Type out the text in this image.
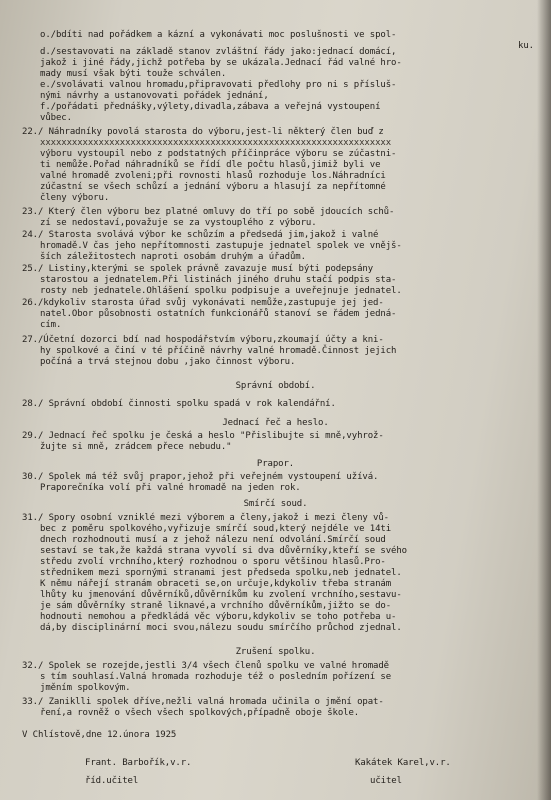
o./bdíti nad pořádkem a kázní a vykonávati moc poslušnosti ve spol-
ku.
d./sestavovati na základě stanov zvláštní řády jako:jednací domácí,
jakož i jiné řády,jichž potřeba by se ukázala.Jednací řád valné hro-
mady musí však býti touže schválen.
e./svolávati valnou hromadu,připravovati předlohy pro ni s přísluš-
nými návrhy a ustanovovati pořádek jednání,
f./pořádati přednášky,výlety,divadla,zábava a veřejná vystoupení
vůbec.
22./ Náhradníky povolá starosta do výboru,jest-li některý člen buď z
xxxxxxxxxxxxxxxxxxxxxxxxxxxxxxxxxxxxxxxxxxxxxxxxxxxxxxxxxxxxxxxxxx
výboru vystoupil nebo z podstatných příčinpráce výboru se zúčastni-
ti nemůže.Pořad náhradníků se řídí dle počtu hlasů,jimiž byli ve
valné hromadě zvoleni;při rovnosti hlasů rozhoduje los.Náhradníci
zúčastní se všech schůzí a jednání výboru a hlasují za nepřítomné
členy výboru.
23./ Který člen výboru bez platné omluvy do tří po sobě jdoucích schů-
zí se nedostaví,považuje se za vystouplého z výboru.
24./ Starosta svolává výbor ke schůzím a předsedá jim,jakož i valné
hromadě.V čas jeho nepřítomnosti zastupuje jednatel spolek ve vnějš-
ších záležitostech naproti osobám druhým a úřadům.
25./ Listiny,kterými se spolek právně zavazuje musí býti podepsány
starostou a jednatelem.Při listinách jiného druhu stačí podpis sta-
rosty neb jednatele.Ohlášení spolku podpisuje a uveřejnuje jednatel.
26./kdykoliv starosta úřad svůj vykonávati nemůže,zastupuje jej jed-
natel.Obor působnosti ostatních funkcionářů stanoví se řádem jedná-
cím.
27./Účetní dozorci bdí nad hospodářstvím výboru,zkoumají účty a kni-
hy spolkové a činí v té příčině návrhy valné hromadě.Činnost jejich
počíná a trvá stejnou dobu ,jako činnost výboru.
Správní období.
28./ Správní období činnosti spolku spadá v rok kalendářní.
Jednací řeč a heslo.
29./ Jednací řeč spolku je česká a heslo "Přislibujte si mně,vyhrož-
žujte si mně, zrádcem přece nebudu."
Prapor.
30./ Spolek má též svůj prapor,jehož při veřejném vystoupení užívá.
Praporečníka volí při valné hromadě na jeden rok.
Smírčí soud.
31./ Spory osobní vzniklé mezi výborem a členy,jakož i mezi členy vů-
bec z poměru spolkového,vyřizuje smírčí soud,který nejdéle ve 14ti
dnech rozhodnouti musí a z jehož nálezu není odvolání.Smírčí soud
sestaví se tak,že každá strana vyvolí si dva důvěrníky,kteří se svého
středu zvolí vrchního,který rozhodnou o sporu většinou hlasů.Pro-
střednikem mezi spornými stranami jest předseda spolku,neb jednatel.
K němu nářejí stranám obraceti se,on určuje,kdykoliv třeba stranám
lhůty ku jmenování důvěrníků,důvěrníkům ku zvolení vrchního,sestavu-
je sám důvěrníky straně liknavé,a vrchního důvěrníkům,jižto se do-
hodnouti nemohou a předkládá věc výboru,kdykoliv se toho potřeba u-
dá,by disciplinární moci svou,nálezu soudu smírčího průchod zjednal.
Zrušení spolku.
32./ Spolek se rozejde,jestli 3/4 všech členů spolku ve valné hromadě
s tím souhlasí.Valná hromada rozhoduje též o posledním pořízení se
jměním spolkovým.
33./ Zaniklli spolek dříve,nežli valná hromada učinila o jmění opat-
ření,a rovněž o všech všech spolkových,případně oboje škole.
V Chlístově,dne 12.února 1925
Frant. Barbořík,v.r.
říd.učitel
Kakátek Karel,v.r.
učitel
